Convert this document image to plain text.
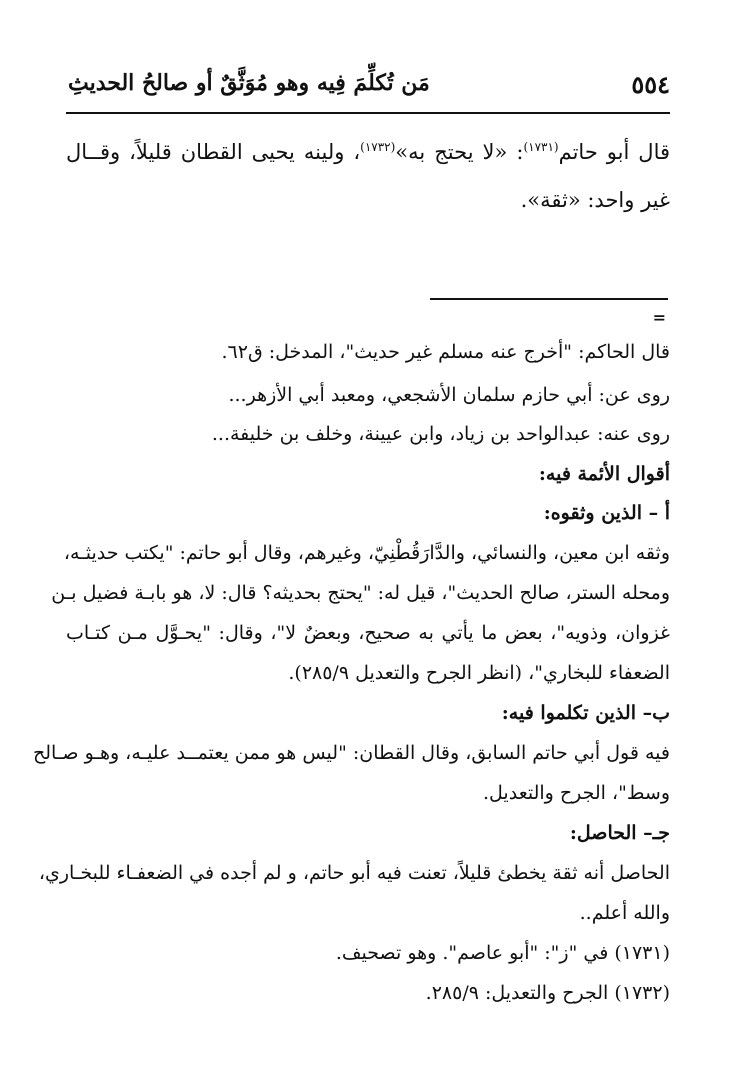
٥٥٤
مَن تُكلِّمَ فِيه وهو مُوَثَّقٌ أو صالحُ الحديثِ
قال أبو حاتم$^{(١٧٣١)}$: «لا يحتج به»$^{(١٧٣٢)}$، ولينه يحيى القطان قليلاً، وقــال
غير واحد: «ثقة».
=
قال الحاكم: "أخرج عنه مسلم غير حديث"، المدخل: ق٦٢.
روى عن: أبي حازم سلمان الأشجعي، ومعبد أبي الأزهر...
روى عنه: عبدالواحد بن زياد، وابن عيينة، وخلف بن خليفة...
أقوال الأئمة فيه:
أ – الذين وثقوه:
وثقه ابن معين، والنسائي، والدَّارَقُطْنِيّ، وغيرهم، وقال أبو حاتم: "يكتب حديثـه،
ومحله الستر، صالح الحديث"، قيل له: "يحتج بحديثه؟ قال: لا، هو بابـة فضيل بـن
غزوان، وذويه"، بعض ما يأتي به صحيح، وبعضٌ لا"، وقال: "يحـوَّل مـن كتـاب
الضعفاء للبخاري"، (انظر الجرح والتعديل ٢٨٥/٩).
ب– الذين تكلموا فيه:
فيه قول أبي حاتم السابق، وقال القطان: "ليس هو ممن يعتمــد عليـه، وهـو صـالح
وسط"، الجرح والتعديل.
جـ– الحاصل:
الحاصل أنه ثقة يخطئ قليلاً، تعنت فيه أبو حاتم، و لم أجده في الضعفـاء للبخـاري،
والله أعلم..
(١٧٣١) في "ز": "أبو عاصم". وهو تصحيف.
(١٧٣٢) الجرح والتعديل: ٢٨٥/٩.
